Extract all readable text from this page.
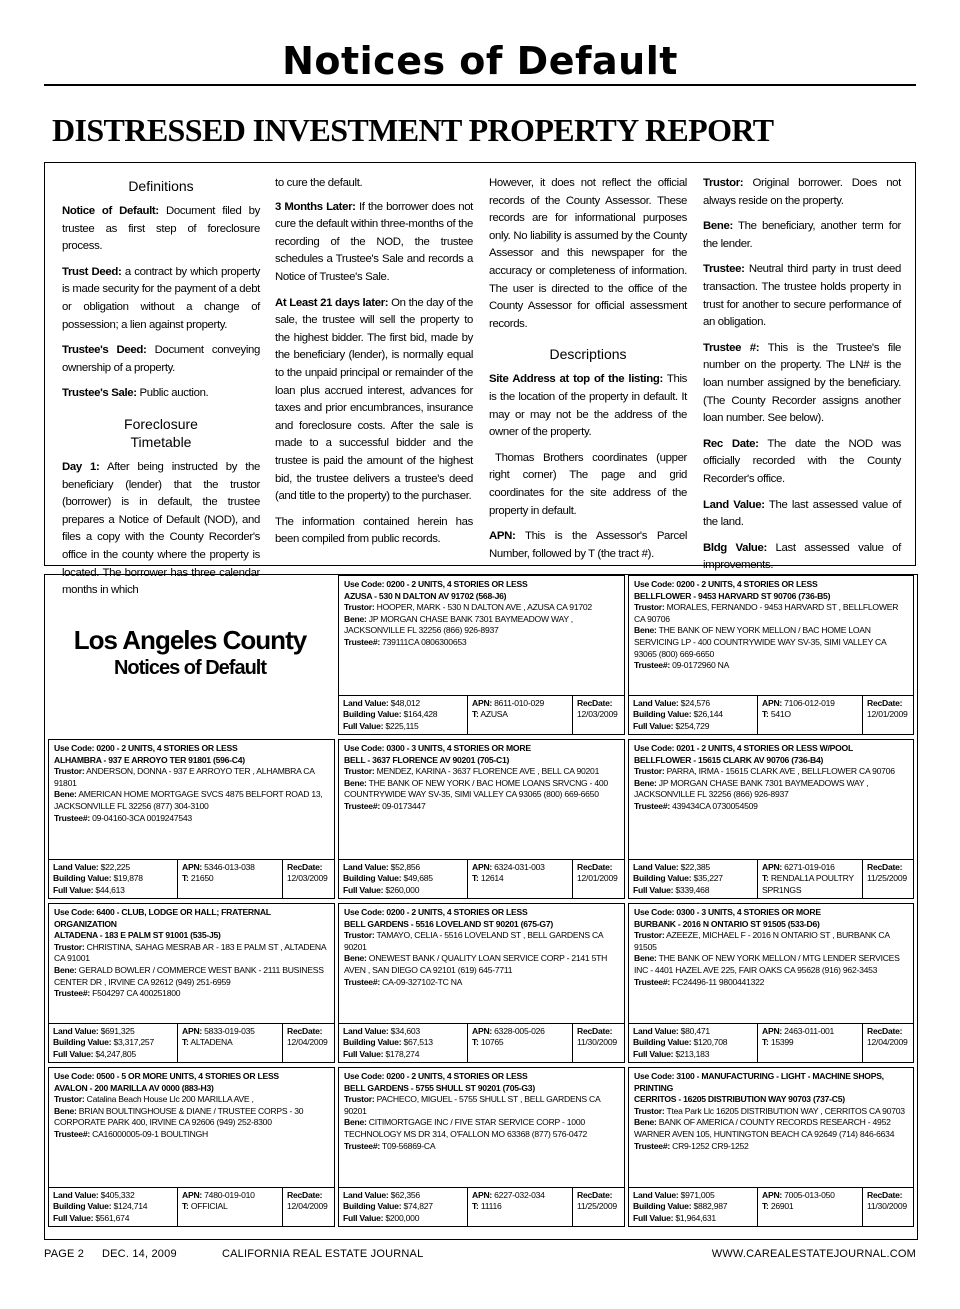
Notices of Default
DISTRESSED INVESTMENT PROPERTY REPORT
Definitions

Notice of Default: Document filed by trustee as first step of foreclosure process.

Trust Deed: a contract by which property is made security for the payment of a debt or obligation without a change of possession; a lien against property.

Trustee's Deed: Document conveying ownership of a property.

Trustee's Sale: Public auction.

Foreclosure
Timetable

Day 1: After being instructed by the beneficiary (lender) that the trustor (borrower) is in default, the trustee prepares a Notice of Default (NOD), and files a copy with the County Recorder's office in the county where the property is located. The borrower has three calendar months in which

to cure the default.

3 Months Later: If the borrower does not cure the default within three-months of the recording of the NOD, the trustee schedules a Trustee's Sale and records a Notice of Trustee's Sale.

At Least 21 days later: On the day of the sale, the trustee will sell the property to the highest bidder. The first bid, made by the beneficiary (lender), is normally equal to the unpaid principal or remainder of the loan plus accrued interest, advances for taxes and prior encumbrances, insurance and foreclosure costs. After the sale is made to a successful bidder and the trustee is paid the amount of the highest bid, the trustee delivers a trustee's deed (and title to the property) to the purchaser.

The information contained herein has been compiled from public records.

However, it does not reflect the official records of the County Assessor. These records are for informational purposes only. No liability is assumed by the County Assessor and this newspaper for the accuracy or completeness of information. The user is directed to the office of the County Assessor for official assessment records.

Descriptions

Site Address at top of the listing: This is the location of the property in default. It may or may not be the address of the owner of the property.

Thomas Brothers coordinates (upper right corner) The page and grid coordinates for the site address of the property in default.

APN: This is the Assessor's Parcel Number, followed by T (the tract #).

Trustor: Original borrower. Does not always reside on the property.

Bene: The beneficiary, another term for the lender.

Trustee: Neutral third party in trust deed transaction. The trustee holds property in trust for another to secure performance of an obligation.

Trustee #: This is the Trustee's file number on the property. The LN# is the loan number assigned by the beneficiary. (The County Recorder assigns another loan number. See below).

Rec Date: The date the NOD was officially recorded with the County Recorder's office.

Land Value: The last assessed value of the land.

Bldg Value: Last assessed value of improvements.

Los Angeles County
Notices of Default
Use Code: 0200 - 2 UNITS, 4 STORIES OR LESS
AZUSA - 530 N DALTON AV 91702 (568-J6)
Trustor: HOOPER, MARK - 530 N DALTON AVE , AZUSA CA 91702
Bene: JP MORGAN CHASE BANK 7301 BAYMEADOW WAY , JACKSONVILLE FL 32256 (866) 926-8937
Trustee#: 739111CA 0806300653
Land Value: $48,012
Building Value: $164,428
Full Value: $225,115
APN: 8611-010-029
T: AZUSA
RecDate:
12/03/2009
Use Code: 0200 - 2 UNITS, 4 STORIES OR LESS
BELLFLOWER - 9453 HARVARD ST 90706 (736-B5)
Trustor: MORALES, FERNANDO - 9453 HARVARD ST , BELLFLOWER CA 90706
Bene: THE BANK OF NEW YORK MELLON / BAC HOME LOAN SERVICING LP - 400 COUNTRYWIDE WAY SV-35, SIMI VALLEY CA 93065 (800) 669-6650
Trustee#: 09-0172960 NA
Land Value: $24,576
Building Value: $26,144
Full Value: $254,729
APN: 7106-012-019
T: 541O
RecDate:
12/01/2009
Use Code: 0200 - 2 UNITS, 4 STORIES OR LESS
ALHAMBRA - 937 E ARROYO TER 91801 (596-C4)
Trustor: ANDERSON, DONNA - 937 E ARROYO TER , ALHAMBRA CA 91801
Bene: AMERICAN HOME MORTGAGE SVCS 4875 BELFORT ROAD 13, JACKSONVILLE FL 32256 (877) 304-3100
Trustee#: 09-04160-3CA 0019247543
Land Value: $22,225
Building Value: $19,878
Full Value: $44,613
APN: 5346-013-038
T: 21650
RecDate:
12/03/2009
Use Code: 0300 - 3 UNITS, 4 STORIES OR MORE
BELL - 3637 FLORENCE AV 90201 (705-C1)
Trustor: MENDEZ, KARINA - 3637 FLORENCE AVE , BELL CA 90201
Bene: THE BANK OF NEW YORK / BAC HOME LOANS SRVCNG - 400 COUNTRYWIDE WAY SV-35, SIMI VALLEY CA 93065 (800) 669-6650
Trustee#: 09-0173447
Land Value: $52,856
Building Value: $49,685
Full Value: $260,000
APN: 6324-031-003
T: 12614
RecDate:
12/01/2009
Use Code: 0201 - 2 UNITS, 4 STORIES OR LESS W/POOL
BELLFLOWER - 15615 CLARK AV 90706 (736-B4)
Trustor: PARRA, IRMA - 15615 CLARK AVE , BELLFLOWER CA 90706
Bene: JP MORGAN CHASE BANK 7301 BAYMEADOWS WAY , JACKSONVILLE FL 32256 (866) 926-8937
Trustee#: 439434CA 0730054509
Land Value: $22,385
Building Value: $35,227
Full Value: $339,468
APN: 6271-019-016
T: RENDAL1A POULTRY SPR1NGS
RecDate:
11/25/2009
Use Code: 6400 - CLUB, LODGE OR HALL; FRATERNAL ORGANIZATION
ALTADENA - 183 E PALM ST 91001 (535-J5)
Trustor: CHRISTINA, SAHAG MESRAB AR - 183 E PALM ST , ALTADENA CA 91001
Bene: GERALD BOWLER / COMMERCE WEST BANK - 2111 BUSINESS CENTER DR , IRVINE CA 92612 (949) 251-6959
Trustee#: F504297 CA 400251800
Land Value: $691,325
Building Value: $3,317,257
Full Value: $4,247,805
APN: 5833-019-035
T: ALTADENA
RecDate:
12/04/2009
Use Code: 0200 - 2 UNITS, 4 STORIES OR LESS
BELL GARDENS - 5516 LOVELAND ST 90201 (675-G7)
Trustor: TAMAYO, CELIA - 5516 LOVELAND ST , BELL GARDENS CA 90201
Bene: ONEWEST BANK / QUALITY LOAN SERVICE CORP - 2141 5TH AVEN , SAN DIEGO CA 92101 (619) 645-7711
Trustee#: CA-09-327102-TC NA
Land Value: $34,603
Building Value: $67,513
Full Value: $178,274
APN: 6328-005-026
T: 10765
RecDate:
11/30/2009
Use Code: 0300 - 3 UNITS, 4 STORIES OR MORE
BURBANK - 2016 N ONTARIO ST 91505 (533-D6)
Trustor: AZEEZE, MICHAEL F - 2016 N ONTARIO ST , BURBANK CA 91505
Bene: THE BANK OF NEW YORK MELLON / MTG LENDER SERVICES INC - 4401 HAZEL AVE 225, FAIR OAKS CA 95628 (916) 962-3453
Trustee#: FC24496-11 9800441322
Land Value: $80,471
Building Value: $120,708
Full Value: $213,183
APN: 2463-011-001
T: 15399
RecDate:
12/04/2009
Use Code: 0500 - 5 OR MORE UNITS, 4 STORIES OR LESS
AVALON - 200 MARILLA AV 0000 (883-H3)
Trustor: Catalina Beach House Llc 200 MARILLA AVE ,
Bene: BRIAN BOULTINGHOUSE & DIANE / TRUSTEE CORPS - 30 CORPORATE PARK 400, IRVINE CA 92606 (949) 252-8300
Trustee#: CA16000005-09-1 BOULTINGH
Land Value: $405,332
Building Value: $124,714
Full Value: $561,674
APN: 7480-019-010
T: OFFICIAL
RecDate:
12/04/2009
Use Code: 0200 - 2 UNITS, 4 STORIES OR LESS
BELL GARDENS - 5755 SHULL ST 90201 (705-G3)
Trustor: PACHECO, MIGUEL - 5755 SHULL ST , BELL GARDENS CA 90201
Bene: CITIMORTGAGE INC / FIVE STAR SERVICE CORP - 1000 TECHNOLOGY MS DR 314, O'FALLON MO 63368 (877) 576-0472
Trustee#: T09-56869-CA
Land Value: $62,356
Building Value: $74,827
Full Value: $200,000
APN: 6227-032-034
T: 11116
RecDate:
11/25/2009
Use Code: 3100 - MANUFACTURING - LIGHT - MACHINE SHOPS, PRINTING
CERRITOS - 16205 DISTRIBUTION WAY 90703 (737-C5)
Trustor: Ttea Park Llc 16205 DISTRIBUTION WAY , CERRITOS CA 90703
Bene: BANK OF AMERICA / COUNTY RECORDS RESEARCH - 4952 WARNER AVEN 105, HUNTINGTON BEACH CA 92649 (714) 846-6634
Trustee#: CR9-1252 CR9-1252
Land Value: $971,005
Building Value: $882,987
Full Value: $1,964,631
APN: 7005-013-050
T: 26901
RecDate:
11/30/2009
PAGE 2 DEC. 14, 2009	CALIFORNIA REAL ESTATE JOURNAL	WWW.CAREALESTATEJOURNAL.COM
